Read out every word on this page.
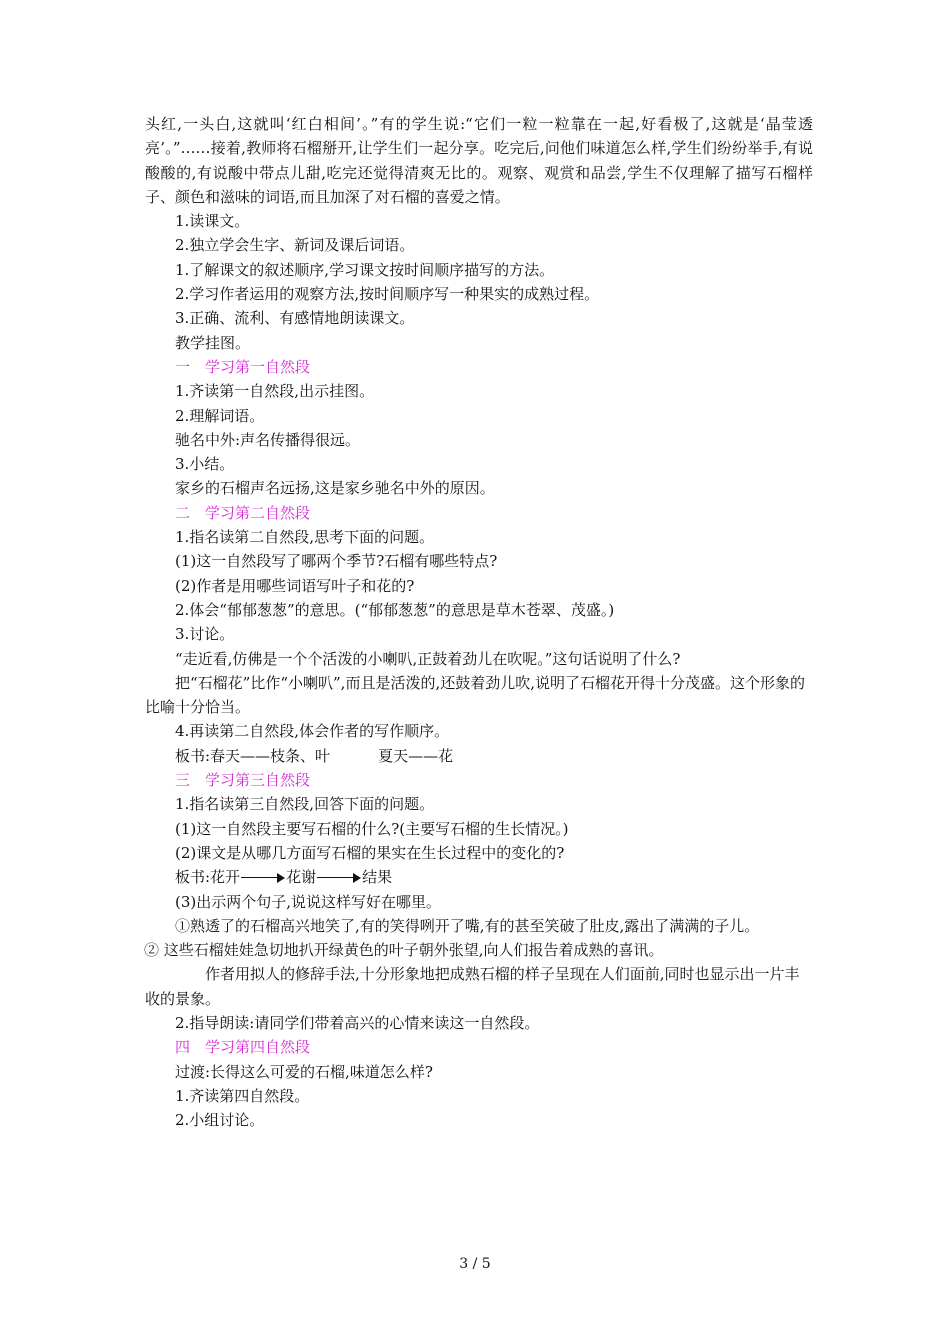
头红,一头白,这就叫‘红白相间’。”有的学生说:“它们一粒一粒靠在一起,好看极了,这就是‘晶莹透亮’。”……接着,教师将石榴掰开,让学生们一起分享。吃完后,问他们味道怎么样,学生们纷纷举手,有说酸酸的,有说酸中带点儿甜,吃完还觉得清爽无比的。观察、观赏和品尝,学生不仅理解了描写石榴样子、颜色和滋味的词语,而且加深了对石榴的喜爱之情。

1.读课文。

2.独立学会生字、新词及课后词语。

1.了解课文的叙述顺序,学习课文按时间顺序描写的方法。

2.学习作者运用的观察方法,按时间顺序写一种果实的成熟过程。

3.正确、流利、有感情地朗读课文。

教学挂图。

一　学习第一自然段

1.齐读第一自然段,出示挂图。

2.理解词语。

驰名中外:声名传播得很远。

3.小结。

家乡的石榴声名远扬,这是家乡驰名中外的原因。

二　学习第二自然段

1.指名读第二自然段,思考下面的问题。

(1)这一自然段写了哪两个季节?石榴有哪些特点?

(2)作者是用哪些词语写叶子和花的?

2.体会“郁郁葱葱”的意思。(“郁郁葱葱”的意思是草木苍翠、茂盛。)

3.讨论。

“走近看,仿佛是一个个活泼的小喇叭,正鼓着劲儿在吹呢。”这句话说明了什么?

把“石榴花”比作“小喇叭”,而且是活泼的,还鼓着劲儿吹,说明了石榴花开得十分茂盛。这个形象的比喻十分恰当。

4.再读第二自然段,体会作者的写作顺序。

板书:春天——枝条、叶	夏天——花

三　学习第三自然段

1.指名读第三自然段,回答下面的问题。

(1)这一自然段主要写石榴的什么?(主要写石榴的生长情况。)

(2)课文是从哪几方面写石榴的果实在生长过程中的变化的?

板书:花开	花谢	结果

(3)出示两个句子,说说这样写好在哪里。

①熟透了的石榴高兴地笑了,有的笑得咧开了嘴,有的甚至笑破了肚皮,露出了满满的子儿。

② 这些石榴娃娃急切地扒开绿黄色的叶子朝外张望,向人们报告着成熟的喜讯。

作者用拟人的修辞手法,十分形象地把成熟石榴的样子呈现在人们面前,同时也显示出一片丰收的景象。

2.指导朗读:请同学们带着高兴的心情来读这一自然段。

四　学习第四自然段

过渡:长得这么可爱的石榴,味道怎么样?

1.齐读第四自然段。

2.小组讨论。

3 / 5
